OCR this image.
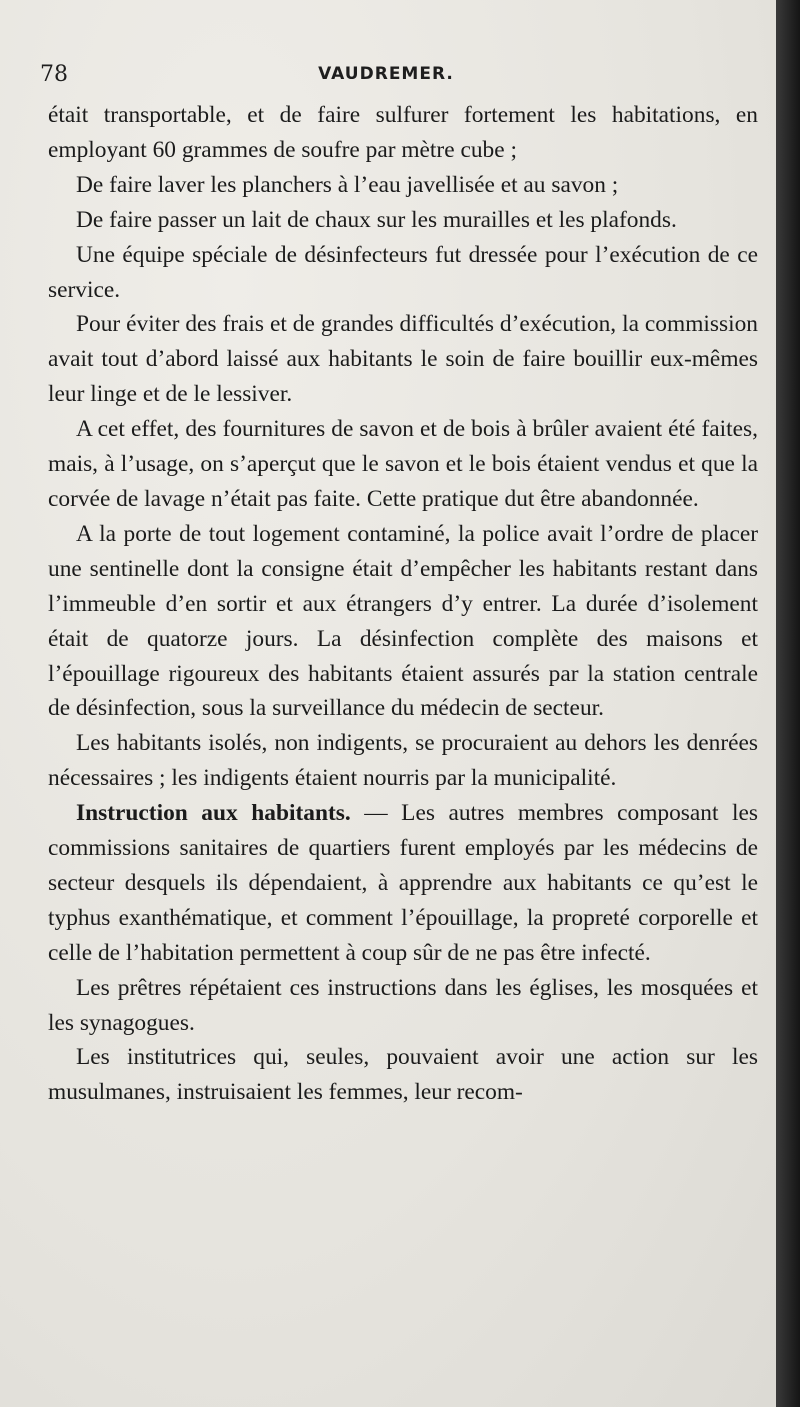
78	VAUDREMER.

était transportable, et de faire sulfurer fortement les habitations, en employant 60 grammes de soufre par mètre cube ;

De faire laver les planchers à l’eau javellisée et au savon ;

De faire passer un lait de chaux sur les murailles et les plafonds.

Une équipe spéciale de désinfecteurs fut dressée pour l’exécution de ce service.

Pour éviter des frais et de grandes difficultés d’exécution, la commission avait tout d’abord laissé aux habitants le soin de faire bouillir eux-mêmes leur linge et de le lessiver.

A cet effet, des fournitures de savon et de bois à brûler avaient été faites, mais, à l’usage, on s’aperçut que le savon et le bois étaient vendus et que la corvée de lavage n’était pas faite. Cette pratique dut être abandonnée.

A la porte de tout logement contaminé, la police avait l’ordre de placer une sentinelle dont la consigne était d’empêcher les habitants restant dans l’immeuble d’en sortir et aux étrangers d’y entrer. La durée d’isolement était de quatorze jours. La désinfection complète des maisons et l’épouillage rigoureux des habitants étaient assurés par la station centrale de désinfection, sous la surveillance du médecin de secteur.

Les habitants isolés, non indigents, se procuraient au dehors les denrées nécessaires ; les indigents étaient nourris par la municipalité.

Instruction aux habitants. — Les autres membres composant les commissions sanitaires de quartiers furent employés par les médecins de secteur desquels ils dépendaient, à apprendre aux habitants ce qu’est le typhus exanthématique, et comment l’épouillage, la propreté corporelle et celle de l’habitation permettent à coup sûr de ne pas être infecté.

Les prêtres répétaient ces instructions dans les églises, les mosquées et les synagogues.

Les institutrices qui, seules, pouvaient avoir une action sur les musulmanes, instruisaient les femmes, leur recom-
